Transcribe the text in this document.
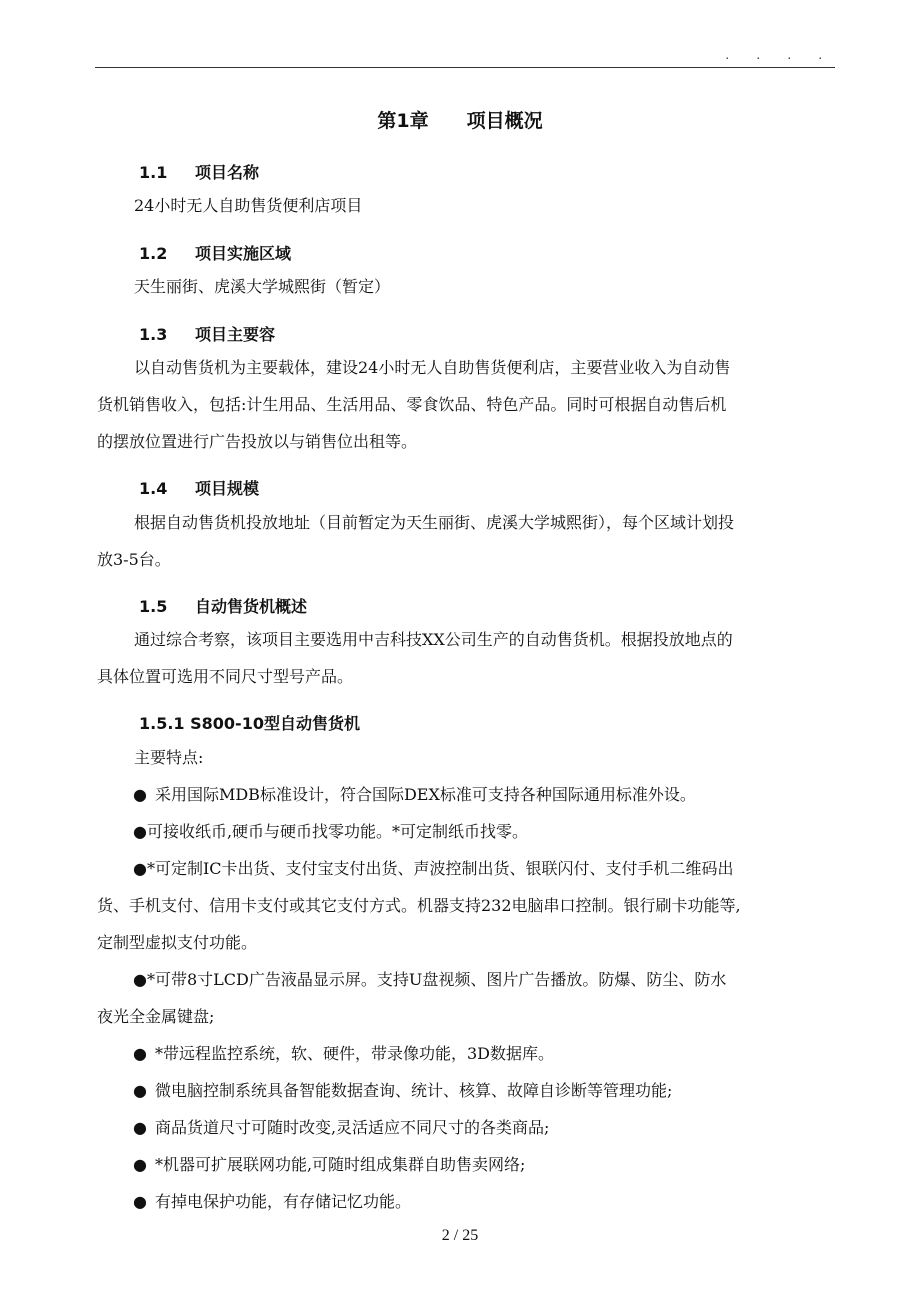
. . . .
第1章 项目概况
1.1 项目名称
24小时无人自助售货便利店项目
1.2 项目实施区域
天生丽街、虎溪大学城熙街（暂定）
1.3 项目主要容
以自动售货机为主要载体，建设24小时无人自助售货便利店，主要营业收入为自动售
货机销售收入，包括:计生用品、生活用品、零食饮品、特色产品。同时可根据自动售后机
的摆放位置进行广告投放以与销售位出租等。
1.4 项目规模
根据自动售货机投放地址（目前暂定为天生丽街、虎溪大学城熙街），每个区域计划投
放3-5台。
1.5 自动售货机概述
通过综合考察，该项目主要选用中吉科技XX公司生产的自动售货机。根据投放地点的
具体位置可选用不同尺寸型号产品。
1.5.1 S800-10型自动售货机
主要特点:
● 采用国际MDB标准设计，符合国际DEX标准可支持各种国际通用标准外设。
●可接收纸币,硬币与硬币找零功能。*可定制纸币找零。
●*可定制IC卡出货、支付宝支付出货、声波控制出货、银联闪付、支付手机二维码出
货、手机支付、信用卡支付或其它支付方式。机器支持232电脑串口控制。银行刷卡功能等,
定制型虚拟支付功能。
●*可带8寸LCD广告液晶显示屏。支持U盘视频、图片广告播放。防爆、防尘、防水
夜光全金属键盘;
● *带远程监控系统，软、硬件，带录像功能，3D数据库。
● 微电脑控制系统具备智能数据查询、统计、核算、故障自诊断等管理功能;
● 商品货道尺寸可随时改变,灵活适应不同尺寸的各类商品;
● *机器可扩展联网功能,可随时组成集群自助售卖网络;
● 有掉电保护功能，有存储记忆功能。
2 / 25
